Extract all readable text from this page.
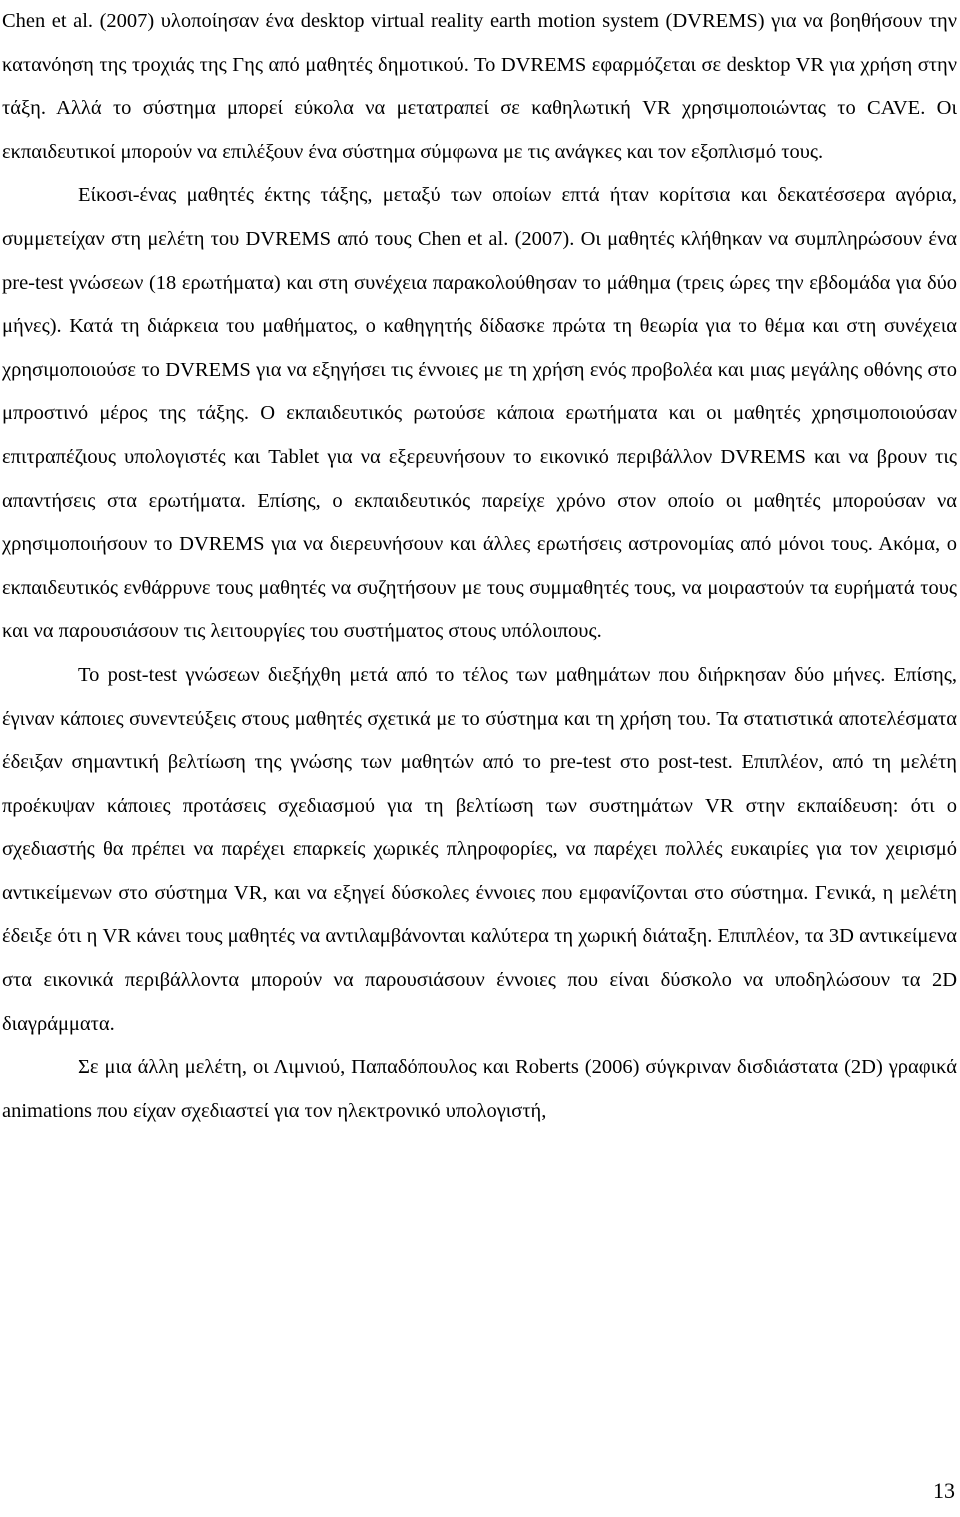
Chen et al. (2007) υλοποίησαν ένα desktop virtual reality earth motion system (DVREMS) για να βοηθήσουν την κατανόηση της τροχιάς της Γης από μαθητές δημοτικού. Το DVREMS εφαρμόζεται σε desktop VR για χρήση στην τάξη. Αλλά το σύστημα μπορεί εύκολα να μετατραπεί σε καθηλωτική VR χρησιμοποιώντας το CAVE. Οι εκπαιδευτικοί μπορούν να επιλέξουν ένα σύστημα σύμφωνα με τις ανάγκες και τον εξοπλισμό τους.

Είκοσι-ένας μαθητές έκτης τάξης, μεταξύ των οποίων επτά ήταν κορίτσια και δεκατέσσερα αγόρια, συμμετείχαν στη μελέτη του DVREMS από τους Chen et al. (2007). Οι μαθητές κλήθηκαν να συμπληρώσουν ένα pre-test γνώσεων (18 ερωτήματα) και στη συνέχεια παρακολούθησαν το μάθημα (τρεις ώρες την εβδομάδα για δύο μήνες). Κατά τη διάρκεια του μαθήματος, ο καθηγητής δίδασκε πρώτα τη θεωρία για το θέμα και στη συνέχεια χρησιμοποιούσε το DVREMS για να εξηγήσει τις έννοιες με τη χρήση ενός προβολέα και μιας μεγάλης οθόνης στο μπροστινό μέρος της τάξης. Ο εκπαιδευτικός ρωτούσε κάποια ερωτήματα και οι μαθητές χρησιμοποιούσαν επιτραπέζιους υπολογιστές και Tablet για να εξερευνήσουν το εικονικό περιβάλλον DVREMS και να βρουν τις απαντήσεις στα ερωτήματα. Επίσης, ο εκπαιδευτικός παρείχε χρόνο στον οποίο οι μαθητές μπορούσαν να χρησιμοποιήσουν το DVREMS για να διερευνήσουν και άλλες ερωτήσεις αστρονομίας από μόνοι τους. Ακόμα, ο εκπαιδευτικός ενθάρρυνε τους μαθητές να συζητήσουν με τους συμμαθητές τους, να μοιραστούν τα ευρήματά τους και να παρουσιάσουν τις λειτουργίες του συστήματος στους υπόλοιπους.

Το post-test γνώσεων διεξήχθη μετά από το τέλος των μαθημάτων που διήρκησαν δύο μήνες. Επίσης, έγιναν κάποιες συνεντεύξεις στους μαθητές σχετικά με το σύστημα και τη χρήση του. Τα στατιστικά αποτελέσματα έδειξαν σημαντική βελτίωση της γνώσης των μαθητών από το pre-test στο post-test. Επιπλέον, από τη μελέτη προέκυψαν κάποιες προτάσεις σχεδιασμού για τη βελτίωση των συστημάτων VR στην εκπαίδευση: ότι ο σχεδιαστής θα πρέπει να παρέχει επαρκείς χωρικές πληροφορίες, να παρέχει πολλές ευκαιρίες για τον χειρισμό αντικείμενων στο σύστημα VR, και να εξηγεί δύσκολες έννοιες που εμφανίζονται στο σύστημα. Γενικά, η μελέτη έδειξε ότι η VR κάνει τους μαθητές να αντιλαμβάνονται καλύτερα τη χωρική διάταξη. Επιπλέον, τα 3D αντικείμενα στα εικονικά περιβάλλοντα μπορούν να παρουσιάσουν έννοιες που είναι δύσκολο να υποδηλώσουν τα 2D διαγράμματα.

Σε μια άλλη μελέτη, οι Λιμνιού, Παπαδόπουλος και Roberts (2006) σύγκριναν δισδιάστατα (2D) γραφικά animations που είχαν σχεδιαστεί για τον ηλεκτρονικό υπολογιστή,

13
